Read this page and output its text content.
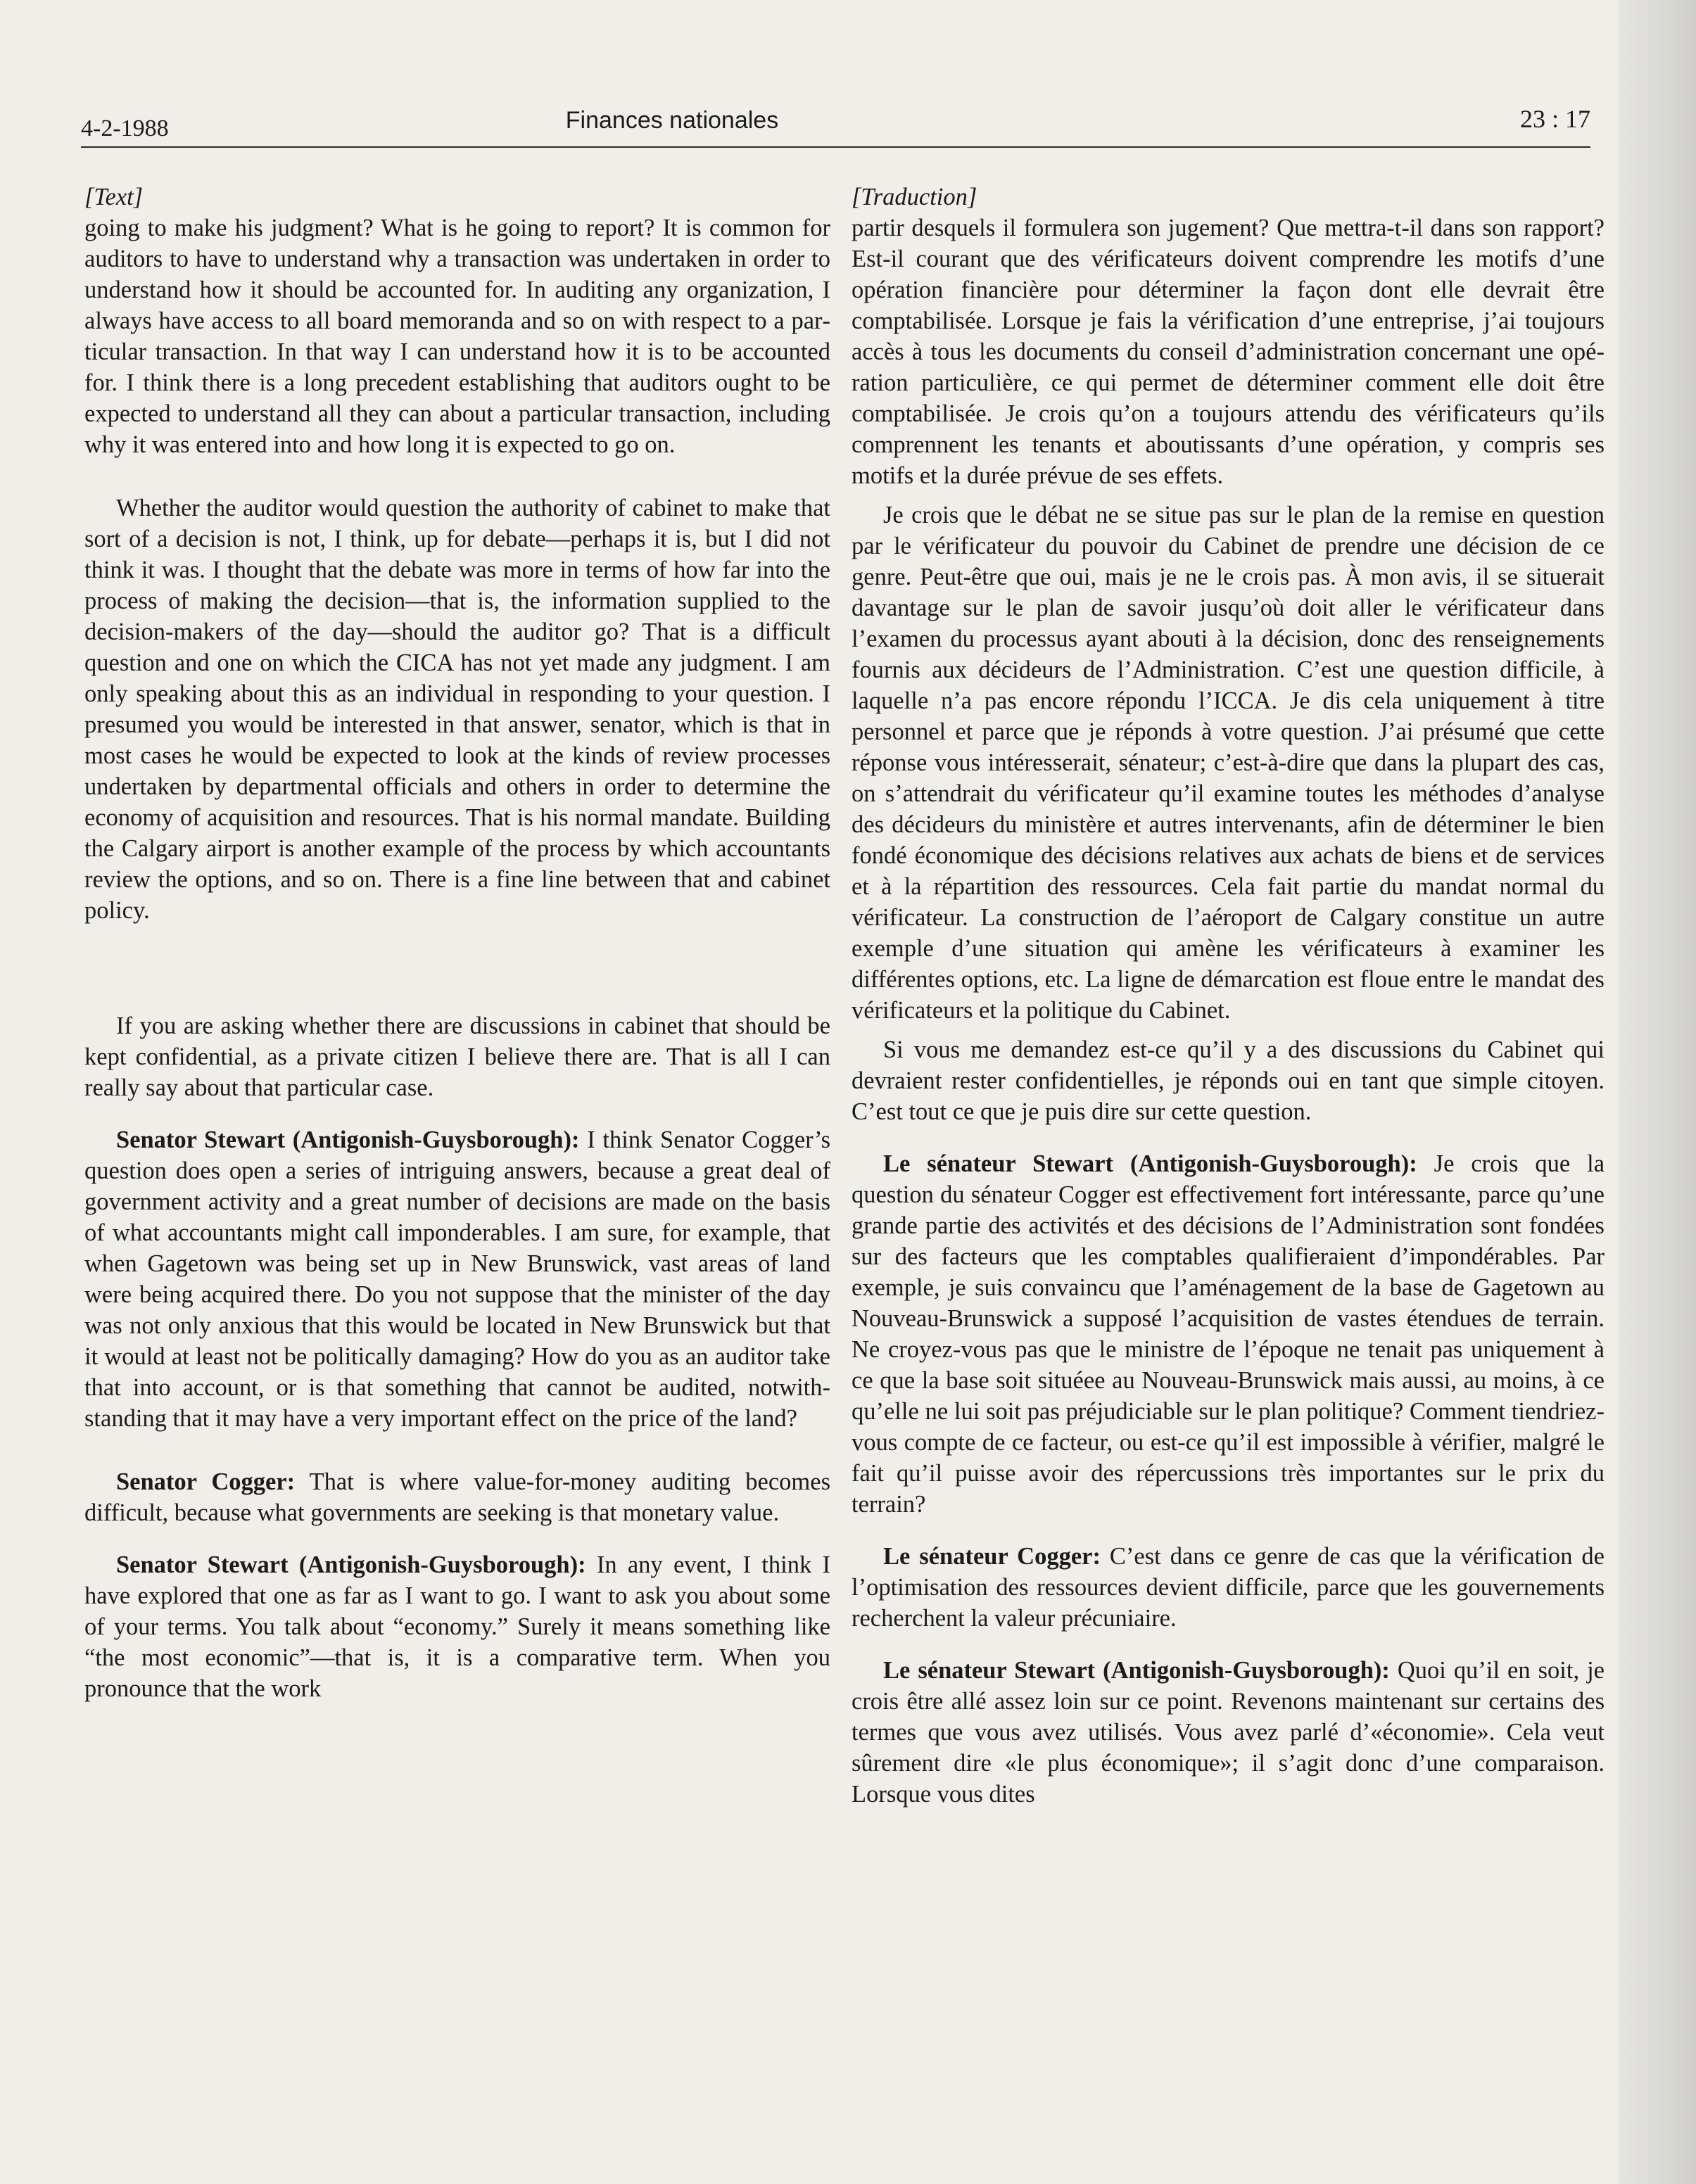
4-2-1988	Finances nationales	23 : 17

[Text]

going to make his judgment? What is he going to report? It is common for auditors to have to understand why a transaction was undertaken in order to understand how it should be accounted for. In auditing any organization, I always have access to all board memoranda and so on with respect to a particular transaction. In that way I can understand how it is to be accounted for. I think there is a long precedent establishing that auditors ought to be expected to understand all they can about a particular transaction, including why it was entered into and how long it is expected to go on.

Whether the auditor would question the authority of cabinet to make that sort of a decision is not, I think, up for debate—perhaps it is, but I did not think it was. I thought that the debate was more in terms of how far into the process of making the decision—that is, the information supplied to the decision-makers of the day—should the auditor go? That is a difficult question and one on which the CICA has not yet made any judgment. I am only speaking about this as an individual in responding to your question. I presumed you would be interested in that answer, senator, which is that in most cases he would be expected to look at the kinds of review processes undertaken by departmental officials and others in order to determine the economy of acquisition and resources. That is his normal mandate. Building the Calgary airport is another example of the process by which accountants review the options, and so on. There is a fine line between that and cabinet policy.

If you are asking whether there are discussions in cabinet that should be kept confidential, as a private citizen I believe there are. That is all I can really say about that particular case.

Senator Stewart (Antigonish-Guysborough): I think Senator Cogger’s question does open a series of intriguing answers, because a great deal of government activity and a great number of decisions are made on the basis of what accountants might call imponderables. I am sure, for example, that when Gagetown was being set up in New Brunswick, vast areas of land were being acquired there. Do you not suppose that the minister of the day was not only anxious that this would be located in New Brunswick but that it would at least not be politically damaging? How do you as an auditor take that into account, or is that something that cannot be audited, notwithstanding that it may have a very important effect on the price of the land?

Senator Cogger: That is where value-for-money auditing becomes difficult, because what governments are seeking is that monetary value.

Senator Stewart (Antigonish-Guysborough): In any event, I think I have explored that one as far as I want to go. I want to ask you about some of your terms. You talk about “economy.” Surely it means something like “the most economic”—that is, it is a comparative term. When you pronounce that the work

[Traduction]

partir desquels il formulera son jugement? Que mettra-t-il dans son rapport? Est-il courant que des vérificateurs doivent comprendre les motifs d’une opération financière pour déterminer la façon dont elle devrait être comptabilisée. Lorsque je fais la vérification d’une entreprise, j’ai toujours accès à tous les documents du conseil d’administration concernant une opération particulière, ce qui permet de déterminer comment elle doit être comptabilisée. Je crois qu’on a toujours attendu des vérificateurs qu’ils comprennent les tenants et aboutissants d’une opération, y compris ses motifs et la durée prévue de ses effets.

Je crois que le débat ne se situe pas sur le plan de la remise en question par le vérificateur du pouvoir du Cabinet de prendre une décision de ce genre. Peut-être que oui, mais je ne le crois pas. À mon avis, il se situerait davantage sur le plan de savoir jusqu’où doit aller le vérificateur dans l’examen du processus ayant abouti à la décision, donc des renseignements fournis aux décideurs de l’Administration. C’est une question difficile, à laquelle n’a pas encore répondu l’ICCA. Je dis cela uniquement à titre personnel et parce que je réponds à votre question. J’ai présumé que cette réponse vous intéresserait, sénateur; c’est-à-dire que dans la plupart des cas, on s’attendrait du vérificateur qu’il examine toutes les méthodes d’analyse des décideurs du ministère et autres intervenants, afin de déterminer le bien fondé économique des décisions relatives aux achats de biens et de services et à la répartition des ressources. Cela fait partie du mandat normal du vérificateur. La construction de l’aéroport de Calgary constitue un autre exemple d’une situation qui amène les vérificateurs à examiner les différentes options, etc. La ligne de démarcation est floue entre le mandat des vérificateurs et la politique du Cabinet.

Si vous me demandez est-ce qu’il y a des discussions du Cabinet qui devraient rester confidentielles, je réponds oui en tant que simple citoyen. C’est tout ce que je puis dire sur cette question.

Le sénateur Stewart (Antigonish-Guysborough): Je crois que la question du sénateur Cogger est effectivement fort intéressante, parce qu’une grande partie des activités et des décisions de l’Administration sont fondées sur des facteurs que les comptables qualifieraient d’impondérables. Par exemple, je suis convaincu que l’aménagement de la base de Gagetown au Nouveau-Brunswick a supposé l’acquisition de vastes étendues de terrain. Ne croyez-vous pas que le ministre de l’époque ne tenait pas uniquement à ce que la base soit situéee au Nouveau-Brunswick mais aussi, au moins, à ce qu’elle ne lui soit pas préjudiciable sur le plan politique? Comment tiendriez-vous compte de ce facteur, ou est-ce qu’il est impossible à vérifier, malgré le fait qu’il puisse avoir des répercussions très importantes sur le prix du terrain?

Le sénateur Cogger: C’est dans ce genre de cas que la vérification de l’optimisation des ressources devient difficile, parce que les gouvernements recherchent la valeur précuniaire.

Le sénateur Stewart (Antigonish-Guysborough): Quoi qu’il en soit, je crois être allé assez loin sur ce point. Revenons maintenant sur certains des termes que vous avez utilisés. Vous avez parlé d’«économie». Cela veut sûrement dire «le plus économique»; il s’agit donc d’une comparaison. Lorsque vous dites
